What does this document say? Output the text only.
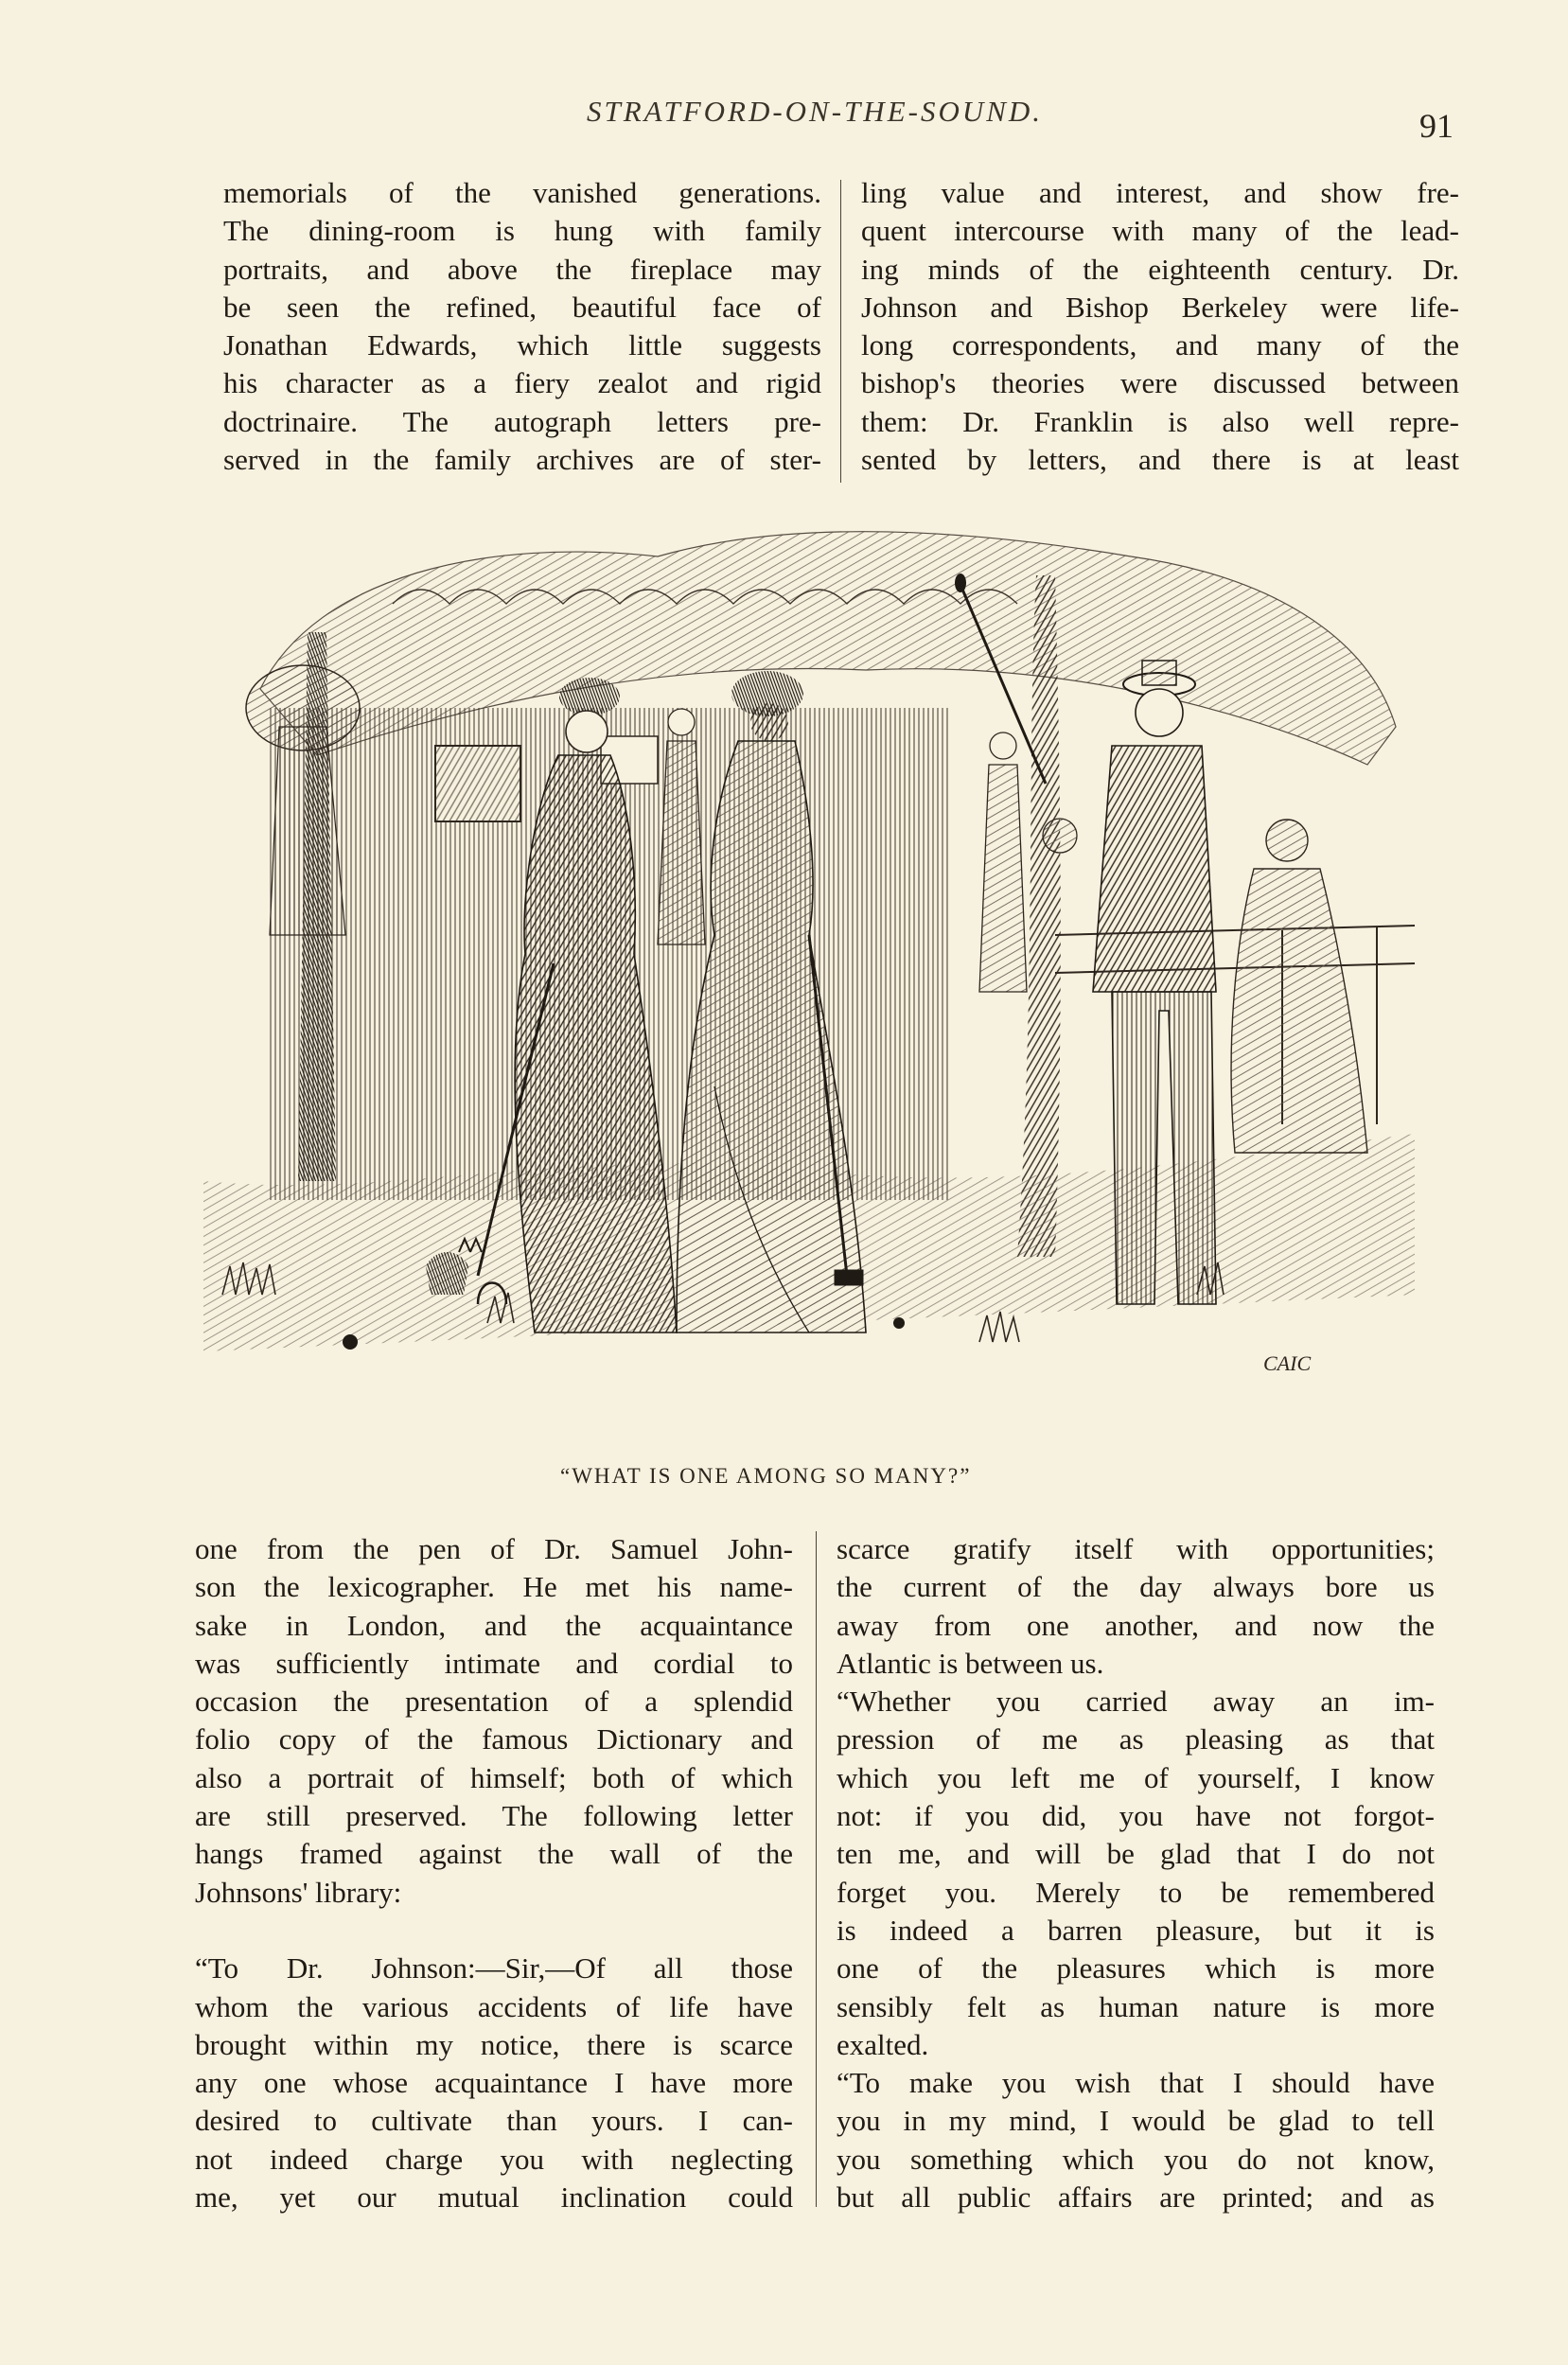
STRATFORD-ON-THE-SOUND.	91
memorials of the vanished generations.
The dining-room is hung with family
portraits, and above the fireplace may
be seen the refined, beautiful face of
Jonathan Edwards, which little suggests
his character as a fiery zealot and rigid
doctrinaire. The autograph letters pre-
served in the family archives are of ster-
ling value and interest, and show fre-
quent intercourse with many of the lead-
ing minds of the eighteenth century. Dr.
Johnson and Bishop Berkeley were life-
long correspondents, and many of the
bishop's theories were discussed between
them: Dr. Franklin is also well repre-
sented by letters, and there is at least
CAIC
“WHAT IS ONE AMONG SO MANY?”
one from the pen of Dr. Samuel John-
son the lexicographer. He met his name-
sake in London, and the acquaintance
was sufficiently intimate and cordial to
occasion the presentation of a splendid
folio copy of the famous Dictionary and
also a portrait of himself; both of which
are still preserved. The following letter
hangs framed against the wall of the
Johnsons' library:

“To Dr. Johnson:—Sir,—Of all those
whom the various accidents of life have
brought within my notice, there is scarce
any one whose acquaintance I have more
desired to cultivate than yours. I can-
not indeed charge you with neglecting
me, yet our mutual inclination could
scarce gratify itself with opportunities;
the current of the day always bore us
away from one another, and now the
Atlantic is between us.
“Whether you carried away an im-
pression of me as pleasing as that
which you left me of yourself, I know
not: if you did, you have not forgot-
ten me, and will be glad that I do not
forget you. Merely to be remembered
is indeed a barren pleasure, but it is
one of the pleasures which is more
sensibly felt as human nature is more
exalted.
“To make you wish that I should have
you in my mind, I would be glad to tell
you something which you do not know,
but all public affairs are printed; and as
